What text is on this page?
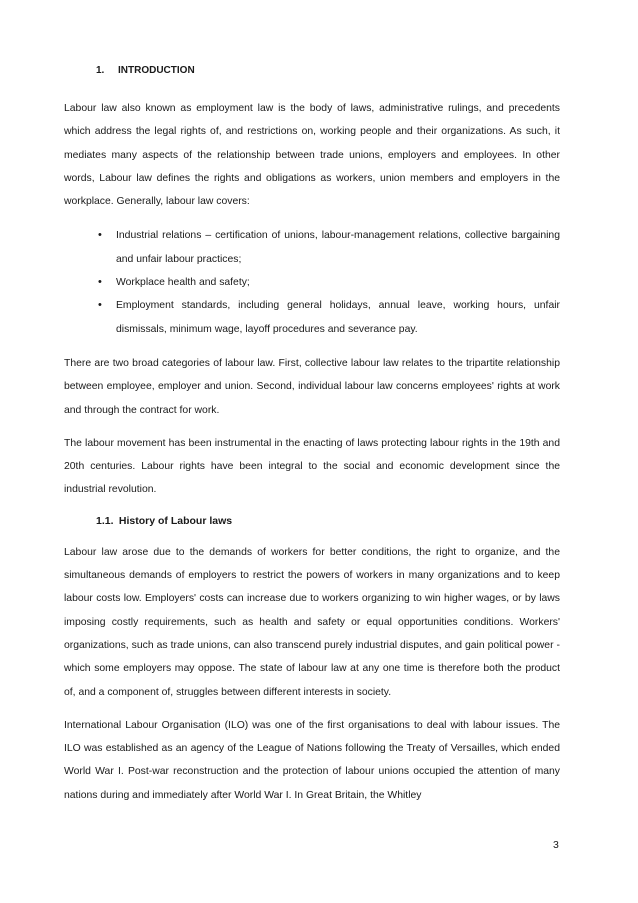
1.	INTRODUCTION

Labour law also known as employment law is the body of laws, administrative rulings, and precedents which address the legal rights of, and restrictions on, working people and their organizations. As such, it mediates many aspects of the relationship between trade unions, employers and employees. In other words, Labour law defines the rights and obligations as workers, union members and employers in the workplace. Generally, labour law covers:

• Industrial relations – certification of unions, labour-management relations, collective bargaining and unfair labour practices;
• Workplace health and safety;
• Employment standards, including general holidays, annual leave, working hours, unfair dismissals, minimum wage, layoff procedures and severance pay.

There are two broad categories of labour law. First, collective labour law relates to the tripartite relationship between employee, employer and union. Second, individual labour law concerns employees' rights at work and through the contract for work.

The labour movement has been instrumental in the enacting of laws protecting labour rights in the 19th and 20th centuries. Labour rights have been integral to the social and economic development since the industrial revolution.

1.1. History of Labour laws

Labour law arose due to the demands of workers for better conditions, the right to organize, and the simultaneous demands of employers to restrict the powers of workers in many organizations and to keep labour costs low. Employers' costs can increase due to workers organizing to win higher wages, or by laws imposing costly requirements, such as health and safety or equal opportunities conditions. Workers' organizations, such as trade unions, can also transcend purely industrial disputes, and gain political power - which some employers may oppose. The state of labour law at any one time is therefore both the product of, and a component of, struggles between different interests in society.

International Labour Organisation (ILO) was one of the first organisations to deal with labour issues. The ILO was established as an agency of the League of Nations following the Treaty of Versailles, which ended World War I. Post-war reconstruction and the protection of labour unions occupied the attention of many nations during and immediately after World War I. In Great Britain, the Whitley

3
